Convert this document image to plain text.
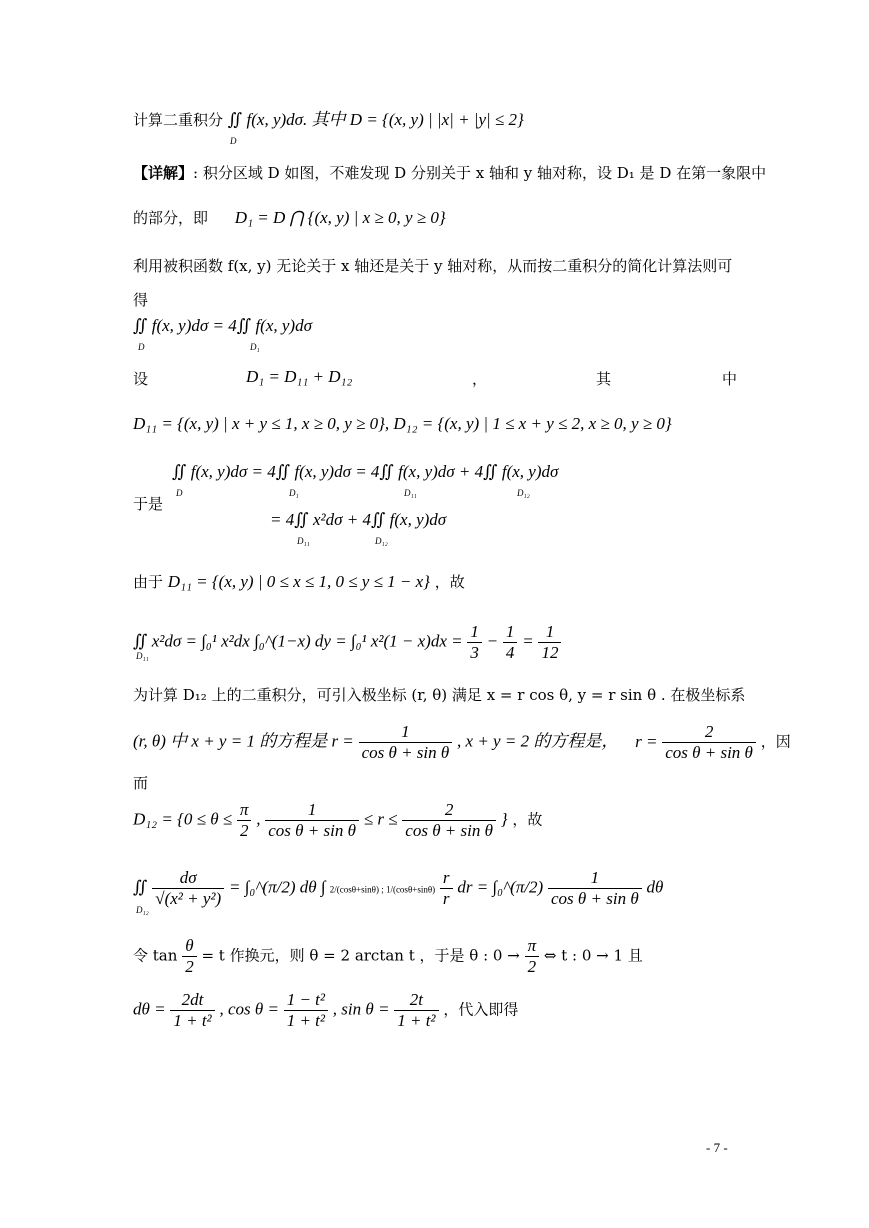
计算二重积分 ∬ f(x, y)dσ. 其中 D = {(x, y) | |x| + |y| ≤ 2}
D
【详解】: 积分区域 D 如图，不难发现 D 分别关于 x 轴和 y 轴对称，设 D₁ 是 D 在第一象限中
的部分，即 D₁ = D ⋂ {(x, y) | x ≥ 0, y ≥ 0}
利用被积函数 f(x, y) 无论关于 x 轴还是关于 y 轴对称，从而按二重积分的简化计算法则可
得
∬ f(x, y)dσ = 4∬ f(x, y)dσ
D	D₁
设	D₁ = D₁₁ + D₁₂	，	其	中
D₁₁ = {(x, y) | x + y ≤ 1, x ≥ 0, y ≥ 0}, D₁₂ = {(x, y) | 1 ≤ x + y ≤ 2, x ≥ 0, y ≥ 0}
∬ f(x, y)dσ = 4∬ f(x, y)dσ = 4∬ f(x, y)dσ + 4∬ f(x, y)dσ
D	D₁	D₁₁	D₁₂
于是
= 4∬ x²dσ + 4∬ f(x, y)dσ
D₁₁	D₁₂
由于 D₁₁ = {(x, y) | 0 ≤ x ≤ 1, 0 ≤ y ≤ 1 − x} ，故
∬ x²dσ = ∫₀¹ x²dx ∫₀^(1−x) dy = ∫₀¹ $x^2(1 - x)dx = \frac{1}{3} - \frac{1}{4} = \frac{1}{12}$
D₁₁
为计算 D₁₂ 上的二重积分，可引入极坐标 (r, θ) 满足 x = r cos θ, y = r sin θ . 在极坐标系
(r, θ) 中 x + y = 1 的方程是 $r = \frac{1}{\text{cos θ + sin θ}}$ , x + y = 2 的方程是， $r = \frac{2}{\text{cos θ + sin θ}}$ ，因
而
$D_{12} = \{0 \le \theta \le \frac{\pi}{2}$ , $\frac{1}{\text{cos θ + sin θ}} \le r \le \frac{2}{\text{cos θ + sin θ}}$ } ，故
∬ $\frac{d\sigma}{\text{√(x² + y²)}}$ = ∫₀^(π/2) dθ ∫ 2/(cosθ+sinθ) ; $1/(\cos\theta+\sin\theta) \frac{r}{r}$ dr = ∫₀^(π/2) $\frac{1}{\text{cos θ + sin θ}}$ dθ
D₁₂
令 $\tan \frac{\theta}{2} = t$ 作换元，则 θ = 2 arctan t ，于是 θ : $0 \to \frac{\pi}{2}$ ⇔ t : 0 → 1 且
$d\theta = \frac{2dt}{\text{1 + t²}}$ , $\cos \theta = \frac{\text{1 − t²}}{\text{1 + t²}}$ , $\sin \theta = \frac{2t}{\text{1 + t²}}$ ，代入即得
- 7 -
